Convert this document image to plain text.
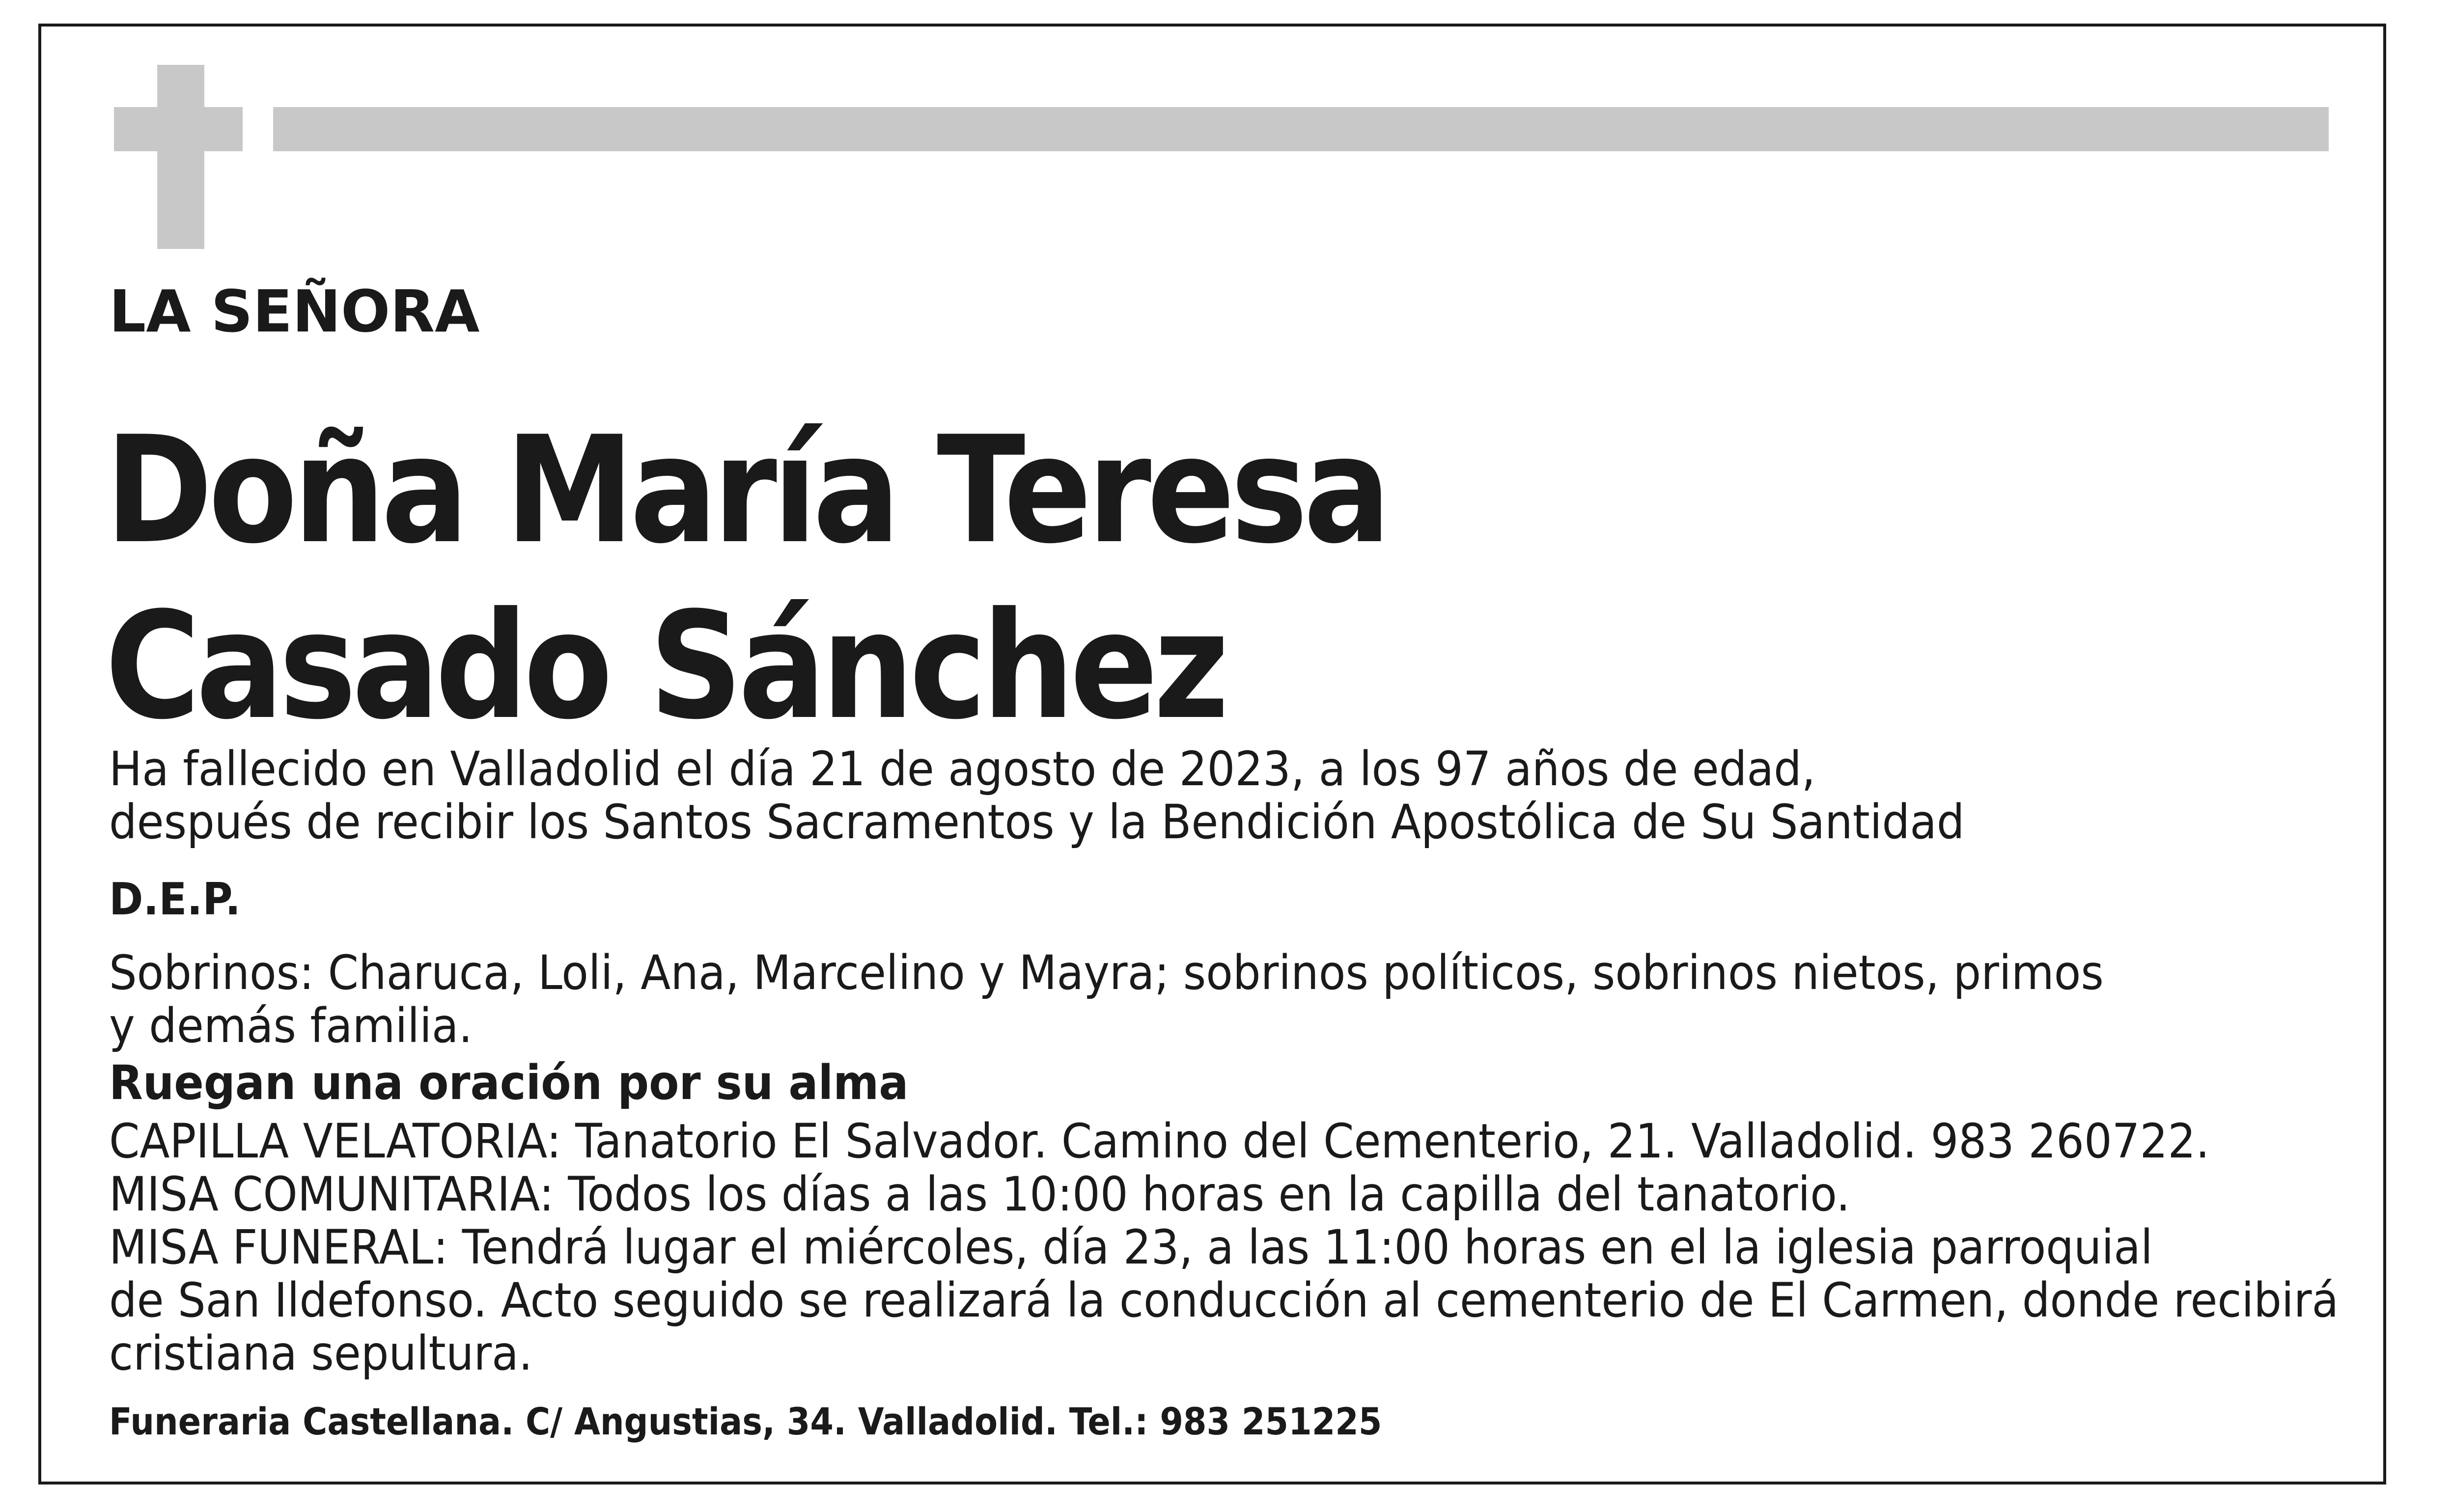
LA SEÑORA
Doña María Teresa
Casado Sánchez

Ha fallecido en Valladolid el día 21 de agosto de 2023, a los 97 años de edad,
después de recibir los Santos Sacramentos y la Bendición Apostólica de Su Santidad

D.E.P.

Sobrinos: Charuca, Loli, Ana, Marcelino y Mayra; sobrinos políticos, sobrinos nietos, primos
y demás familia.

Ruegan una oración por su alma

CAPILLA VELATORIA: Tanatorio El Salvador. Camino del Cementerio, 21. Valladolid. 983 260722.
MISA COMUNITARIA: Todos los días a las 10:00 horas en la capilla del tanatorio.
MISA FUNERAL: Tendrá lugar el miércoles, día 23, a las 11:00 horas en el la iglesia parroquial
de San Ildefonso. Acto seguido se realizará la conducción al cementerio de El Carmen, donde recibirá
cristiana sepultura.

Funeraria Castellana. C/ Angustias, 34. Valladolid. Tel.: 983 251225
